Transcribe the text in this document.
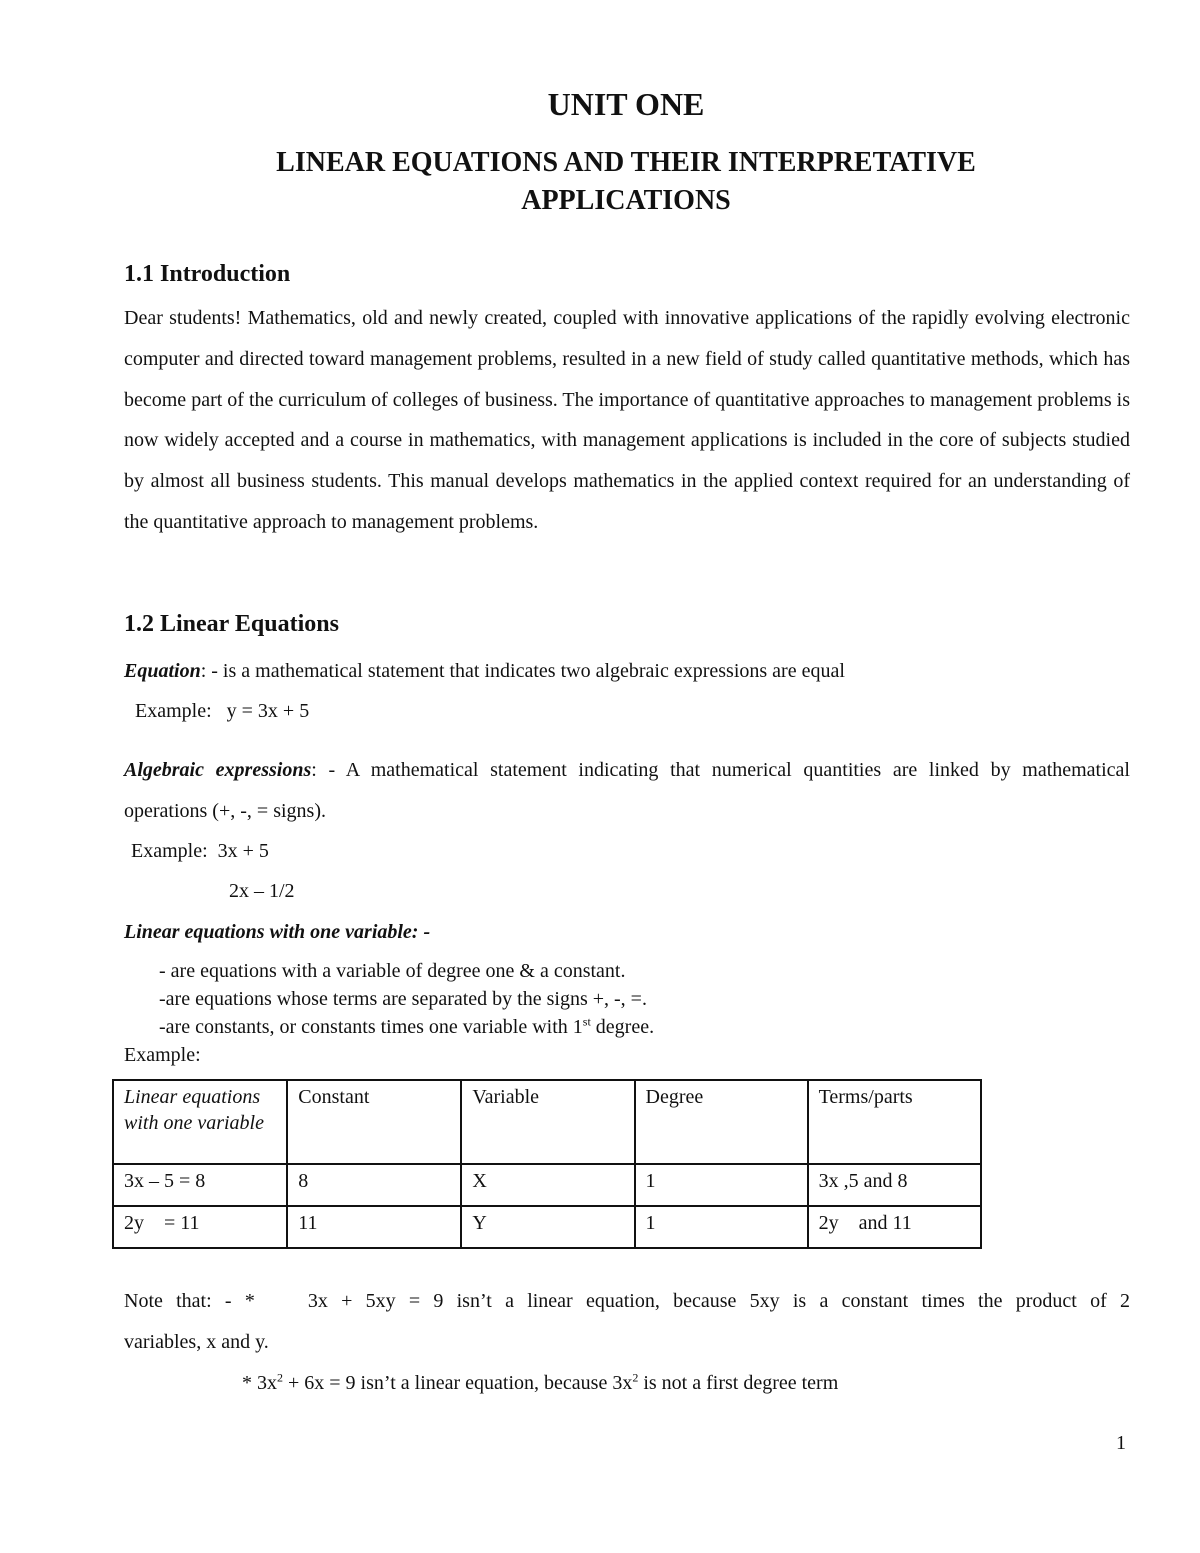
UNIT ONE
LINEAR EQUATIONS AND THEIR INTERPRETATIVE
APPLICATIONS
1.1 Introduction
Dear students! Mathematics, old and newly created, coupled with innovative applications of the rapidly evolving electronic computer and directed toward management problems, resulted in a new field of study called quantitative methods, which has become part of the curriculum of colleges of business. The importance of quantitative approaches to management problems is now widely accepted and a course in mathematics, with management applications is included in the core of subjects studied by almost all business students. This manual develops mathematics in the applied context required for an understanding of the quantitative approach to management problems.
1.2 Linear Equations
Equation: - is a mathematical statement that indicates two algebraic expressions are equal
Example:   y = 3x + 5
Algebraic expressions: - A mathematical statement indicating that numerical quantities are linked by mathematical operations (+, -, = signs).
Example:  3x + 5
2x – 1/2
Linear equations with one variable: -
- are equations with a variable of degree one & a constant.
-are equations whose terms are separated by the signs +, -, =.
-are constants, or constants times one variable with 1st degree.
Example:
Linear equations with one variable	Constant	Variable	Degree	Terms/parts
3x – 5 = 8	8	X	1	3x ,5 and 8
2y    = 11	11	Y	1	2y    and 11
Note that: - *    3x + 5xy = 9 isn’t a linear equation, because 5xy is a constant times the product of 2
variables, x and y.
* $3x^2 + 6x = 9$ isn’t a linear equation, because $3x^2$ is not a first degree term
1
